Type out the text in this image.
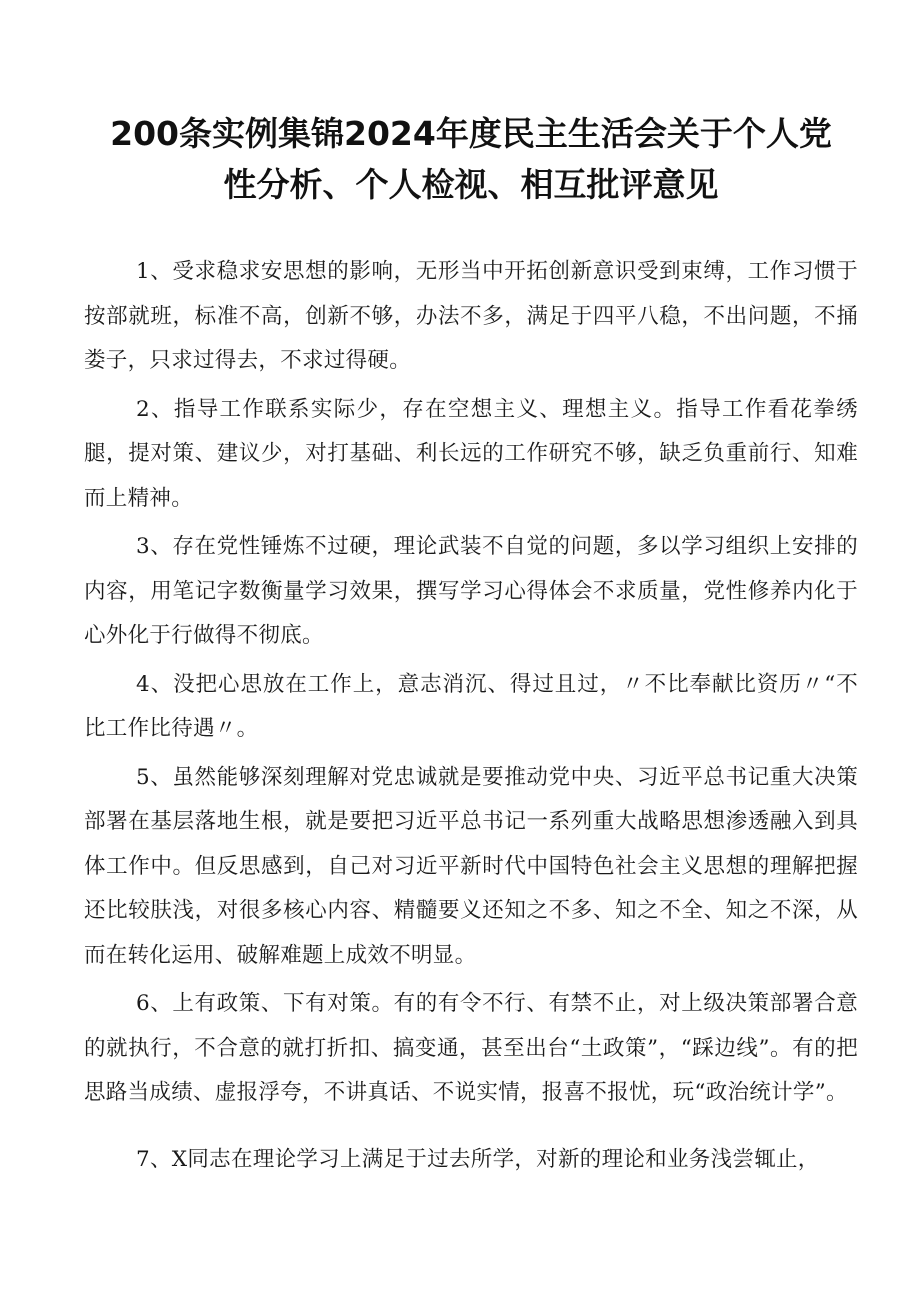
200条实例集锦2024年度民主生活会关于个人党
性分析、个人检视、相互批评意见

1、受求稳求安思想的影响，无形当中开拓创新意识受到束缚，工作习惯于按部就班，标准不高，创新不够，办法不多，满足于四平八稳，不出问题，不捅娄子，只求过得去，不求过得硬。

2、指导工作联系实际少，存在空想主义、理想主义。指导工作看花拳绣腿，提对策、建议少，对打基础、利长远的工作研究不够，缺乏负重前行、知难而上精神。

3、存在党性锤炼不过硬，理论武装不自觉的问题，多以学习组织上安排的内容，用笔记字数衡量学习效果，撰写学习心得体会不求质量，党性修养内化于心外化于行做得不彻底。

4、没把心思放在工作上，意志消沉、得过且过，〃不比奉献比资历〃“不比工作比待遇〃。

5、虽然能够深刻理解对党忠诚就是要推动党中央、习近平总书记重大决策部署在基层落地生根，就是要把习近平总书记一系列重大战略思想渗透融入到具体工作中。但反思感到，自己对习近平新时代中国特色社会主义思想的理解把握还比较肤浅，对很多核心内容、精髓要义还知之不多、知之不全、知之不深，从而在转化运用、破解难题上成效不明显。

6、上有政策、下有对策。有的有令不行、有禁不止，对上级决策部署合意的就执行，不合意的就打折扣、搞变通，甚至出台“土政策”，“踩边线”。有的把思路当成绩、虚报浮夸，不讲真话、不说实情，报喜不报忧，玩“政治统计学”。

7、X同志在理论学习上满足于过去所学，对新的理论和业务浅尝辄止，
